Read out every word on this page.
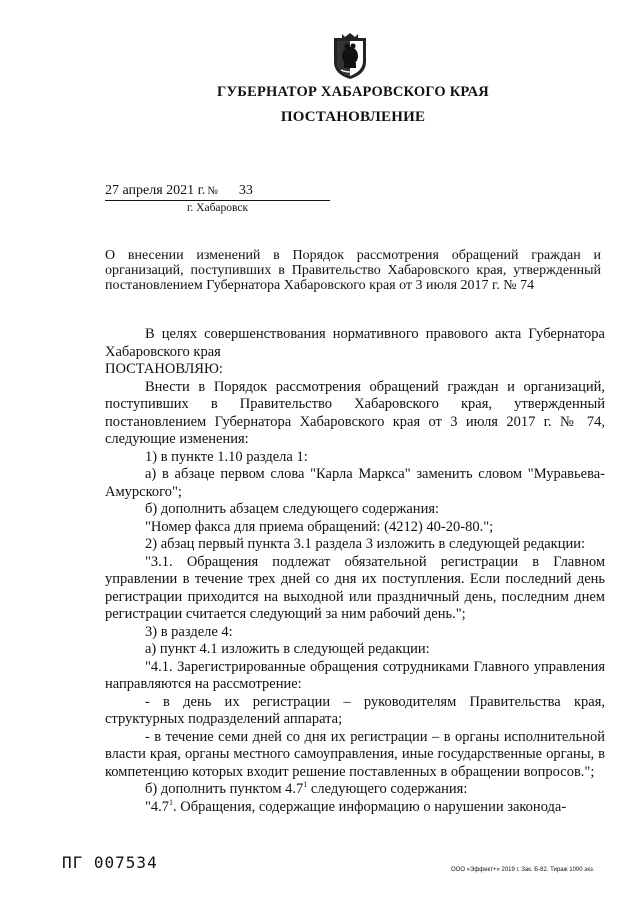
ГУБЕРНАТОР ХАБАРОВСКОГО КРАЯ
ПОСТАНОВЛЕНИЕ
27 апреля 2021 г. № 33
г. Хабаровск
О внесении изменений в Порядок рассмотрения обращений граждан и организаций, поступивших в Правительство Хабаровского края, утвержденный постановлением Губернатора Хабаровского края от 3 июля 2017 г. № 74

В целях совершенствования нормативного правового акта Губернатора Хабаровского края

ПОСТАНОВЛЯЮ:

Внести в Порядок рассмотрения обращений граждан и организаций, поступивших в Правительство Хабаровского края, утвержденный постановлением Губернатора Хабаровского края от 3 июля 2017 г. № 74, следующие изменения:

1) в пункте 1.10 раздела 1:

а) в абзаце первом слова "Карла Маркса" заменить словом "Муравьева-Амурского";

б) дополнить абзацем следующего содержания:

"Номер факса для приема обращений: (4212) 40-20-80.";

2) абзац первый пункта 3.1 раздела 3 изложить в следующей редакции:

"3.1. Обращения подлежат обязательной регистрации в Главном управлении в течение трех дней со дня их поступления. Если последний день регистрации приходится на выходной или праздничный день, последним днем регистрации считается следующий за ним рабочий день.";

3) в разделе 4:

а) пункт 4.1 изложить в следующей редакции:

"4.1. Зарегистрированные обращения сотрудниками Главного управления направляются на рассмотрение:

- в день их регистрации – руководителям Правительства края, структурных подразделений аппарата;

- в течение семи дней со дня их регистрации – в органы исполнительной власти края, органы местного самоуправления, иные государственные органы, в компетенцию которых входит решение поставленных в обращении вопросов.";

б) дополнить пунктом $4.7^1$ следующего содержания:

"$4.7^1$. Обращения, содержащие информацию о нарушении законода-

ПГ 007534	ООО «Эффект+» 2019 г. Зак. Б-82. Тираж 1000 экз.
